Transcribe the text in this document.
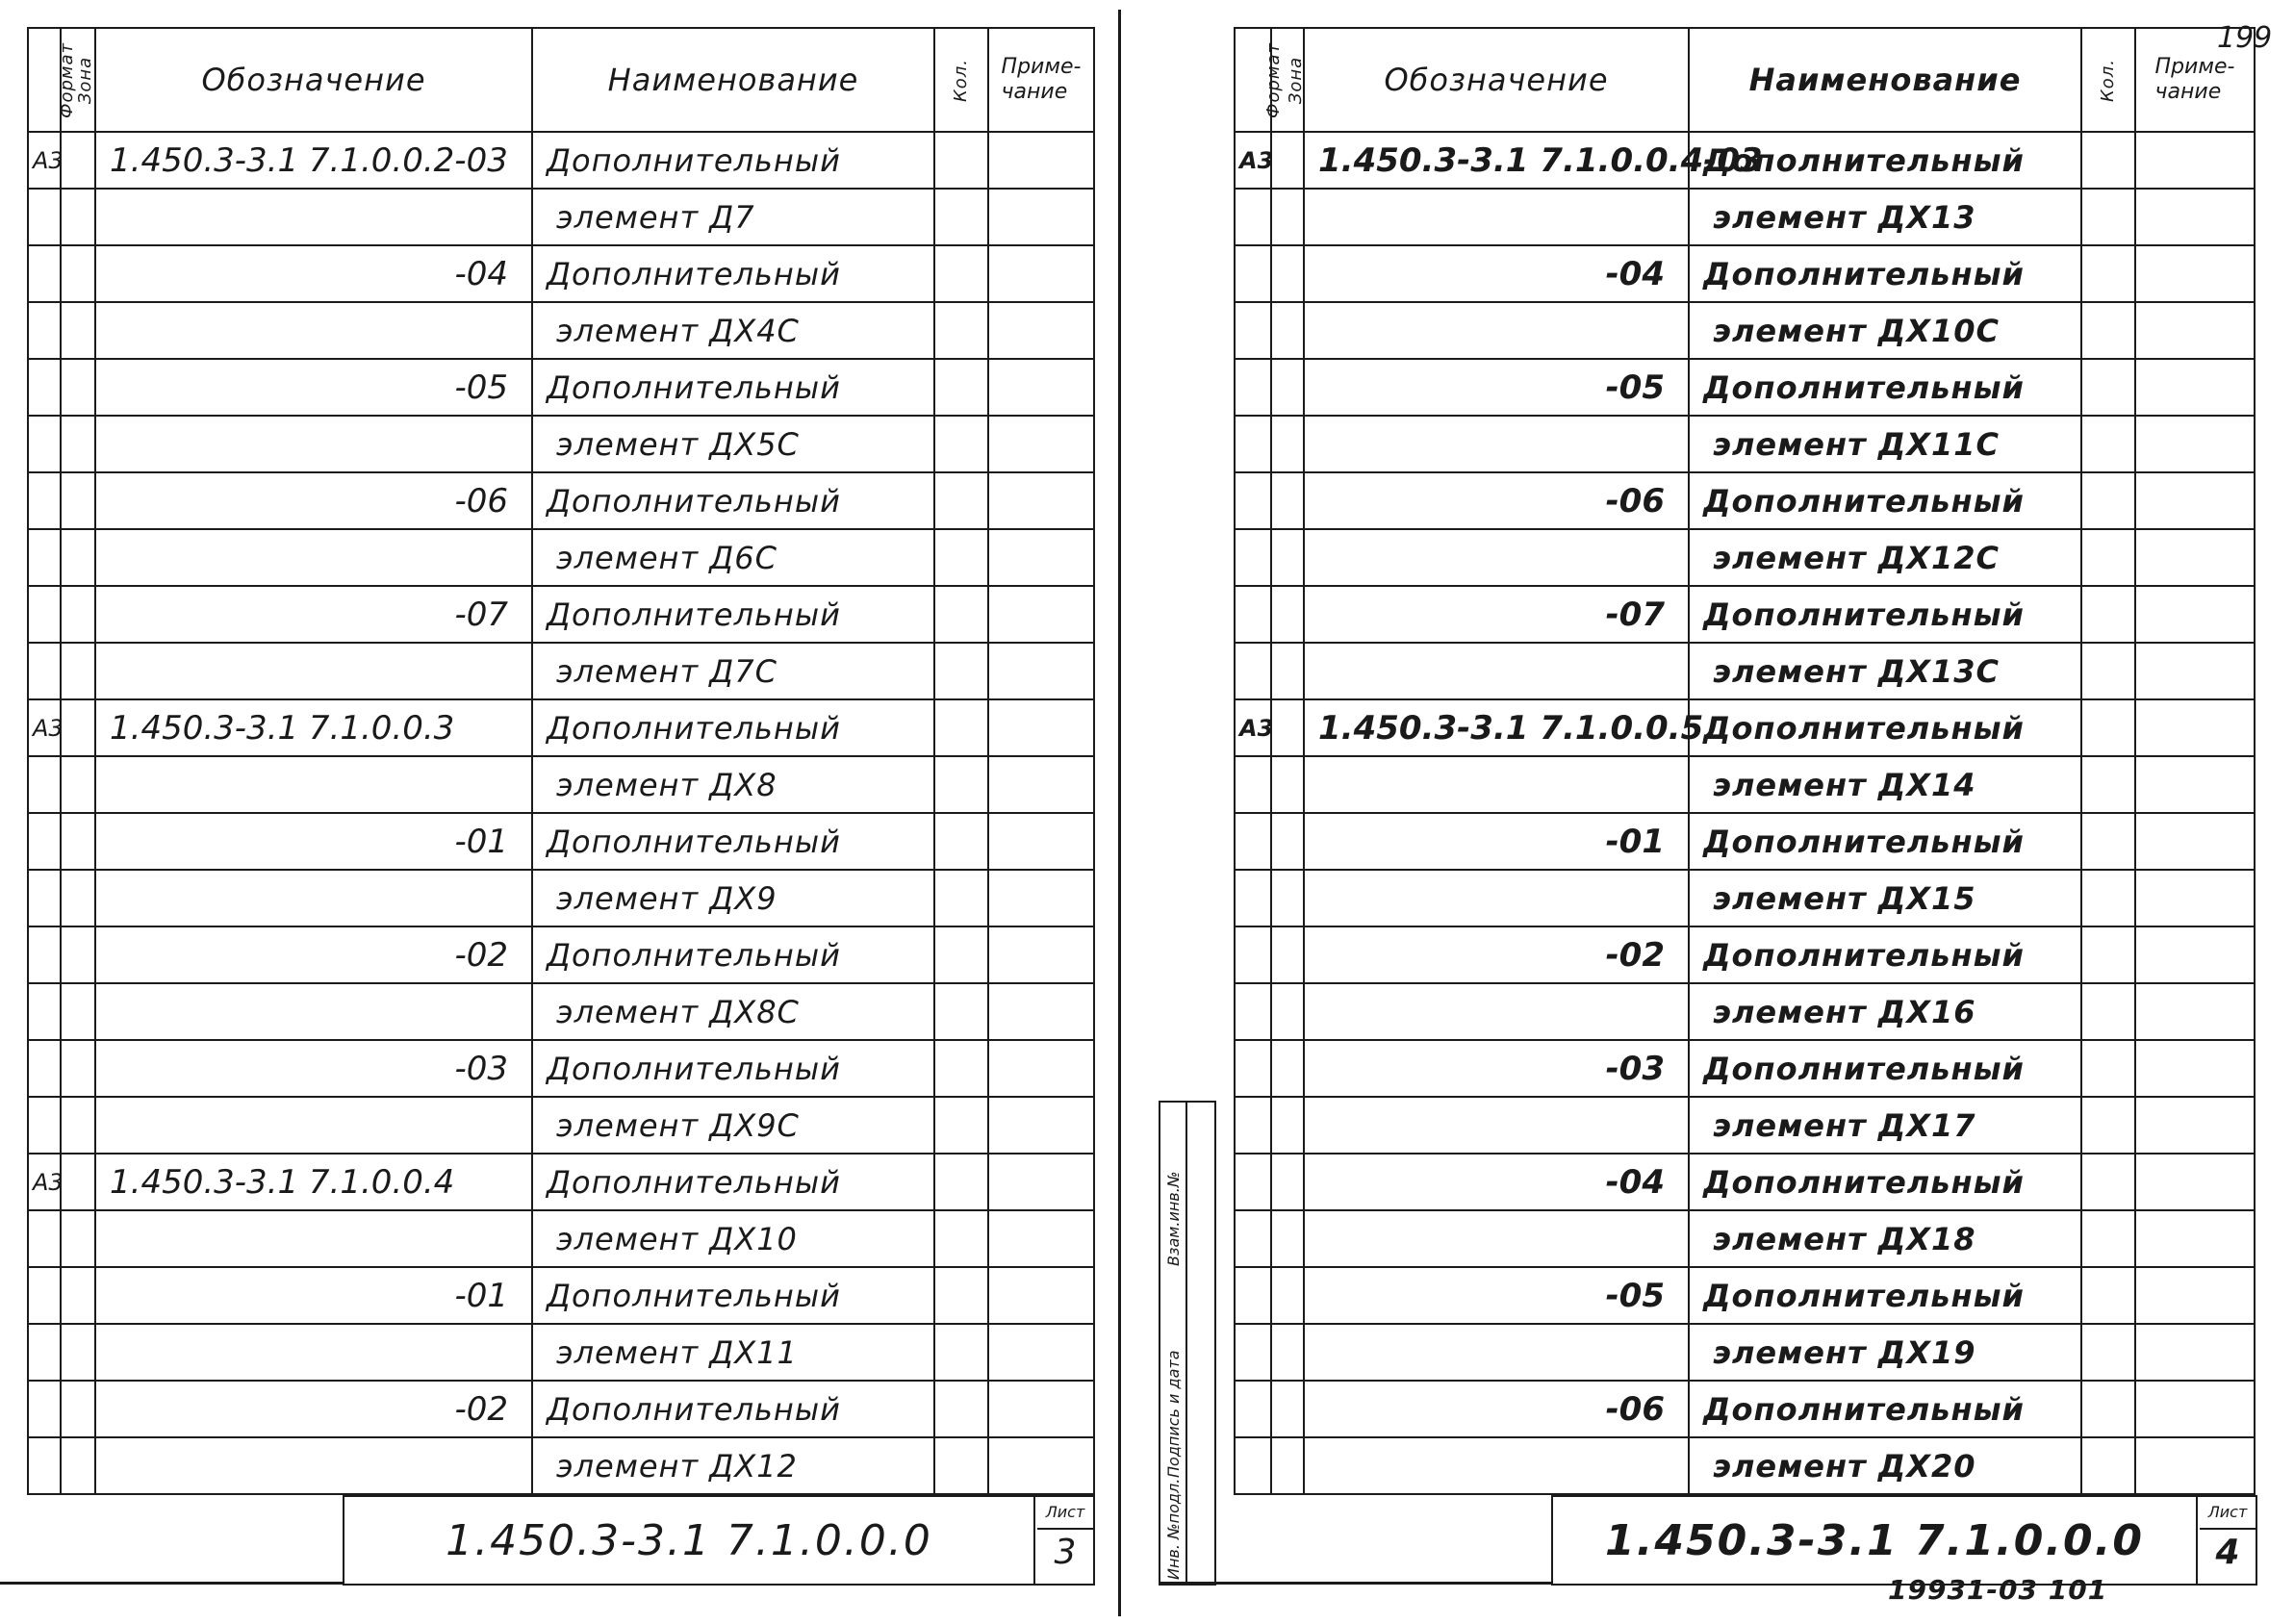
Формат	Зона	Обозначение	Наименование	Кол.	Приме-
чание
А3		1.450.3-3.1 7.1.0.0.2-03	Дополнительный		
			элемент Д7		
		-04	Дополнительный		
			элемент ДХ4С		
		-05	Дополнительный		
			элемент ДХ5С		
		-06	Дополнительный		
			элемент Д6С		
		-07	Дополнительный		
			элемент Д7С		
А3		1.450.3-3.1 7.1.0.0.3	Дополнительный		
			элемент ДХ8		
		-01	Дополнительный		
			элемент ДХ9		
		-02	Дополнительный		
			элемент ДХ8С		
		-03	Дополнительный		
			элемент ДХ9С		
А3		1.450.3-3.1 7.1.0.0.4	Дополнительный		
			элемент ДХ10		
		-01	Дополнительный		
			элемент ДХ11		
		-02	Дополнительный		
			элемент ДХ12		
1.450.3-3.1 7.1.0.0.0
Лист
3
199
Формат	Зона	Обозначение	Наименование	Кол.	Приме-
чание
А3		1.450.3-3.1 7.1.0.0.4-03	Дополнительный		
			элемент ДХ13		
		-04	Дополнительный		
			элемент ДХ10С		
		-05	Дополнительный		
			элемент ДХ11С		
		-06	Дополнительный		
			элемент ДХ12С		
		-07	Дополнительный		
			элемент ДХ13С		
А3		1.450.3-3.1 7.1.0.0.5	Дополнительный		
			элемент ДХ14		
		-01	Дополнительный		
			элемент ДХ15		
		-02	Дополнительный		
			элемент ДХ16		
		-03	Дополнительный		
			элемент ДХ17		
		-04	Дополнительный		
			элемент ДХ18		
		-05	Дополнительный		
			элемент ДХ19		
		-06	Дополнительный		
			элемент ДХ20		
Взам.инв.№
Подпись и дата
Инв. №подл.	1.450.3-3.1 7.1.0.0.0
Лист
4
19931-03 101
